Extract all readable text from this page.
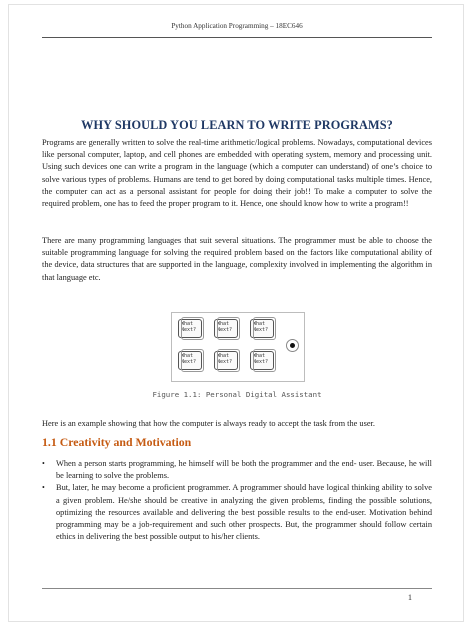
Python Application Programming – 18EC646
WHY SHOULD YOU LEARN TO WRITE PROGRAMS?

Programs are generally written to solve the real-time arithmetic/logical problems. Nowadays, computational devices like personal computer, laptop, and cell phones are embedded with operating system, memory and processing unit. Using such devices one can write a program in the language (which a computer can understand) of one’s choice to solve various types of problems. Humans are tend to get bored by doing computational tasks multiple times. Hence, the computer can act as a personal assistant for people for doing their job!! To make a computer to solve the required problem, one has to feed the proper program to it. Hence, one should know how to write a program!!

There are many programming languages that suit several situations. The programmer must be able to choose the suitable programming language for solving the required problem based on the factors like computational ability of the device, data structures that are supported in the language, complexity involved in implementing the algorithm in that language etc.

What
Next?
What
Next?
What
Next?
What
Next?
What
Next?
What
Next?
Figure 1.1: Personal Digital Assistant

Here is an example showing that how the computer is always ready to accept the task from the user.

1.1 Creativity and Motivation
• When a person starts programming, he himself will be both the programmer and the end- user. Because, he will be learning to solve the problems.
• But, later, he may become a proficient programmer. A programmer should have logical thinking ability to solve a given problem. He/she should be creative in analyzing the given problems, finding the possible solutions, optimizing the resources available and delivering the best possible results to the end-user. Motivation behind programming may be a job-requirement and such other prospects. But, the programmer should follow certain ethics in delivering the best possible output to his/her clients.
1
